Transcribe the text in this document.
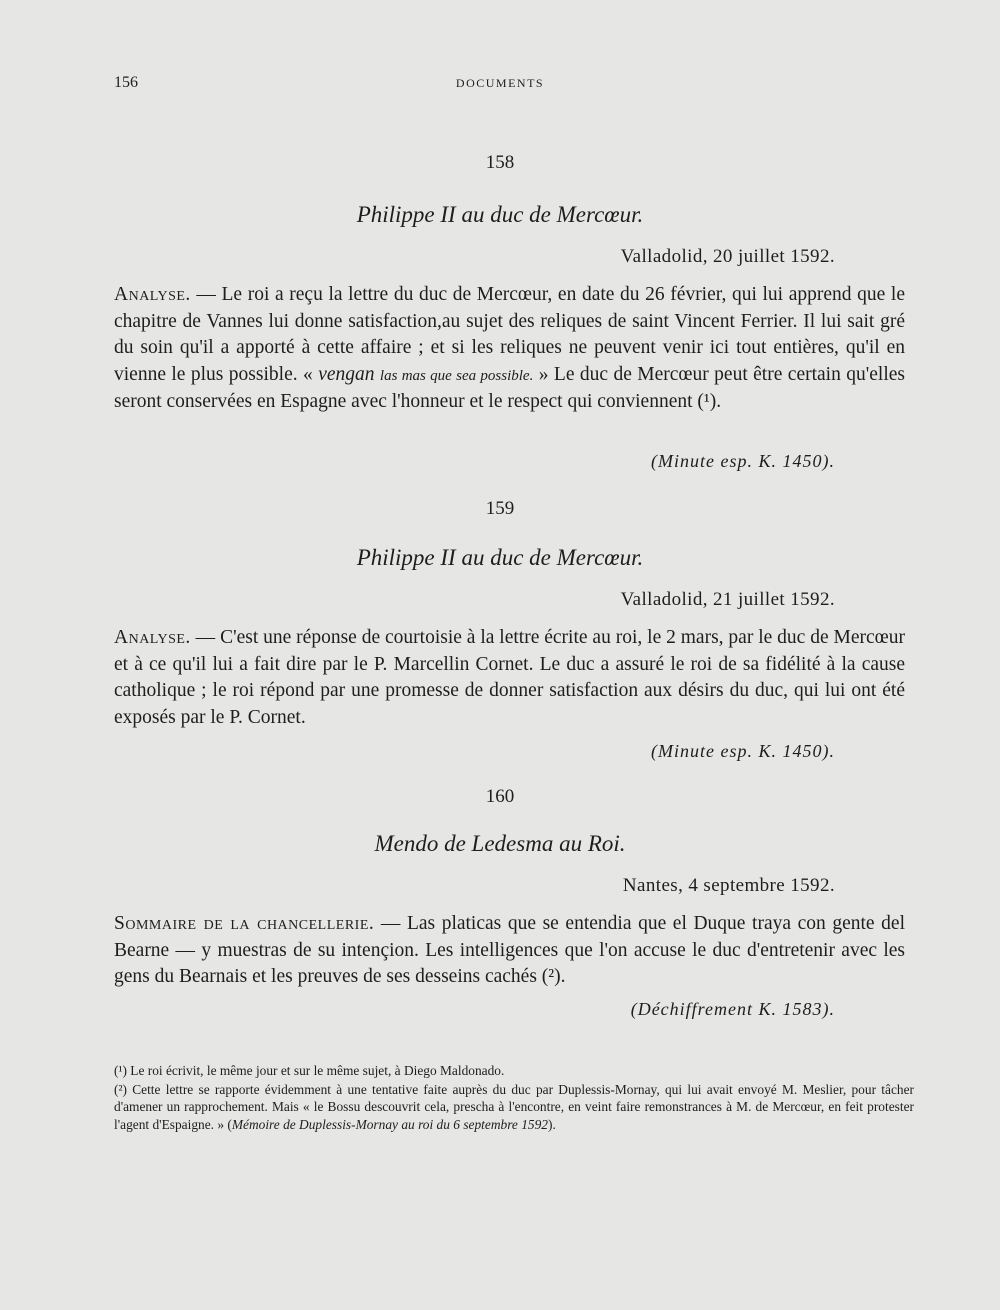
156	DOCUMENTS
158
Philippe II au duc de Mercœur.
Valladolid, 20 juillet 1592.
Analyse. — Le roi a reçu la lettre du duc de Mercœur, en date du 26 février, qui lui apprend que le chapitre de Vannes lui donne satisfaction,au sujet des reliques de saint Vincent Ferrier. Il lui sait gré du soin qu'il a apporté à cette affaire ; et si les reliques ne peuvent venir ici tout entières, qu'il en vienne le plus possible. « vengan las mas que sea possible. » Le duc de Mercœur peut être certain qu'elles seront conservées en Espagne avec l'honneur et le respect qui conviennent (¹).
(Minute esp. K. 1450).
159
Philippe II au duc de Mercœur.
Valladolid, 21 juillet 1592.
Analyse. — C'est une réponse de courtoisie à la lettre écrite au roi, le 2 mars, par le duc de Mercœur et à ce qu'il lui a fait dire par le P. Marcellin Cornet. Le duc a assuré le roi de sa fidélité à la cause catholique ; le roi répond par une promesse de donner satisfaction aux désirs du duc, qui lui ont été exposés par le P. Cornet.
(Minute esp. K. 1450).
160
Mendo de Ledesma au Roi.
Nantes, 4 septembre 1592.
Sommaire de la chancellerie. — Las platicas que se entendia que el Duque traya con gente del Bearne — y muestras de su intençion. Les intelligences que l'on accuse le duc d'entretenir avec les gens du Bearnais et les preuves de ses desseins cachés (²).
(Déchiffrement K. 1583).

(¹) Le roi écrivit, le même jour et sur le même sujet, à Diego Maldonado.

(²) Cette lettre se rapporte évidemment à une tentative faite auprès du duc par Duplessis-Mornay, qui lui avait envoyé M. Meslier, pour tâcher d'amener un rapprochement. Mais « le Bossu descouvrit cela, prescha à l'encontre, en veint faire remonstrances à M. de Mercœur, en feit protester l'agent d'Espaigne. » (Mémoire de Duplessis-Mornay au roi du 6 septembre 1592).
